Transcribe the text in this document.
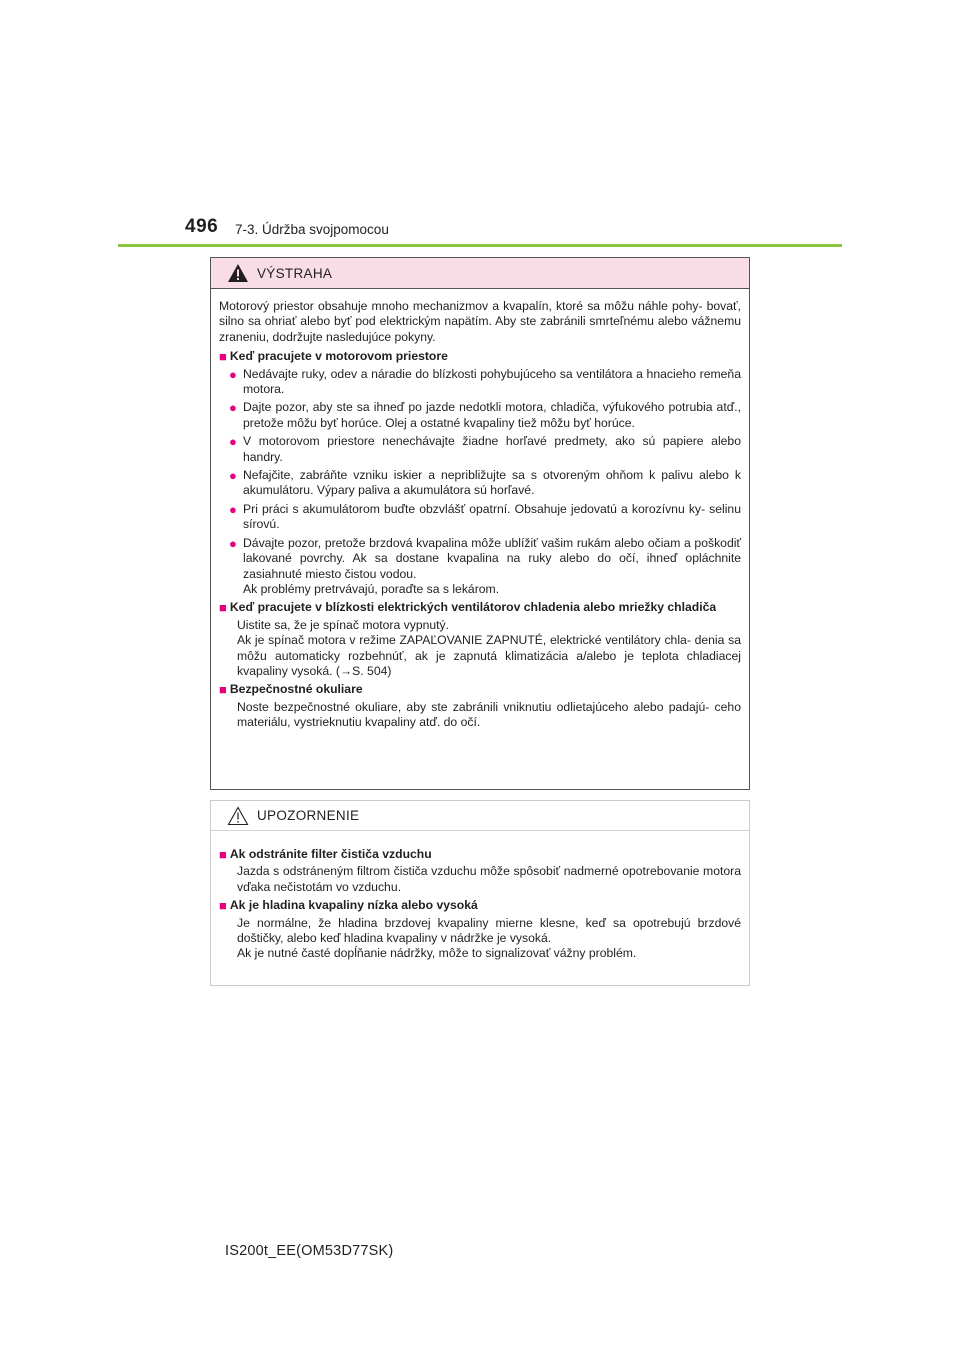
496 7-3. Údržba svojpomocou
VÝSTRAHA
Motorový priestor obsahuje mnoho mechanizmov a kvapalín, ktoré sa môžu náhle pohy- bovať, silno sa ohriať alebo byť pod elektrickým napätím. Aby ste zabránili smrteľnému alebo vážnemu zraneniu, dodržujte nasledujúce pokyny.
■ Keď pracujete v motorovom priestore
● Nedávajte ruky, odev a náradie do blízkosti pohybujúceho sa ventilátora a hnacieho remeňa motora.
● Dajte pozor, aby ste sa ihneď po jazde nedotkli motora, chladiča, výfukového potrubia atď., pretože môžu byť horúce. Olej a ostatné kvapaliny tiež môžu byť horúce.
● V motorovom priestore nenechávajte žiadne horľavé predmety, ako sú papiere alebo handry.
● Nefajčite, zabráňte vzniku iskier a nepribližujte sa s otvoreným ohňom k palivu alebo k akumulátoru. Výpary paliva a akumulátora sú horľavé.
● Pri práci s akumulátorom buďte obzvlášť opatrní. Obsahuje jedovatú a korozívnu ky- selinu sírovú.
● Dávajte pozor, pretože brzdová kvapalina môže ublížiť vašim rukám alebo očiam a poškodiť lakované povrchy. Ak sa dostane kvapalina na ruky alebo do očí, ihneď opláchnite zasiahnuté miesto čistou vodou.
Ak problémy pretrvávajú, poraďte sa s lekárom.
■ Keď pracujete v blízkosti elektrických ventilátorov chladenia alebo mriežky chladiča
Uistite sa, že je spínač motora vypnutý.
Ak je spínač motora v režime ZAPAĽOVANIE ZAPNUTÉ, elektrické ventilátory chla- denia sa môžu automaticky rozbehnúť, ak je zapnutá klimatizácia a/alebo je teplota chladiacej kvapaliny vysoká. (→S. 504)
■ Bezpečnostné okuliare
Noste bezpečnostné okuliare, aby ste zabránili vniknutiu odlietajúceho alebo padajú- ceho materiálu, vystrieknutiu kvapaliny atď. do očí.
UPOZORNENIE
■ Ak odstránite filter čističa vzduchu
Jazda s odstráneným filtrom čističa vzduchu môže spôsobiť nadmerné opotrebovanie motora vďaka nečistotám vo vzduchu.
■ Ak je hladina kvapaliny nízka alebo vysoká
Je normálne, že hladina brzdovej kvapaliny mierne klesne, keď sa opotrebujú brzdové doštičky, alebo keď hladina kvapaliny v nádržke je vysoká.
Ak je nutné časté dopĺňanie nádržky, môže to signalizovať vážny problém.
IS200t_EE(OM53D77SK)
